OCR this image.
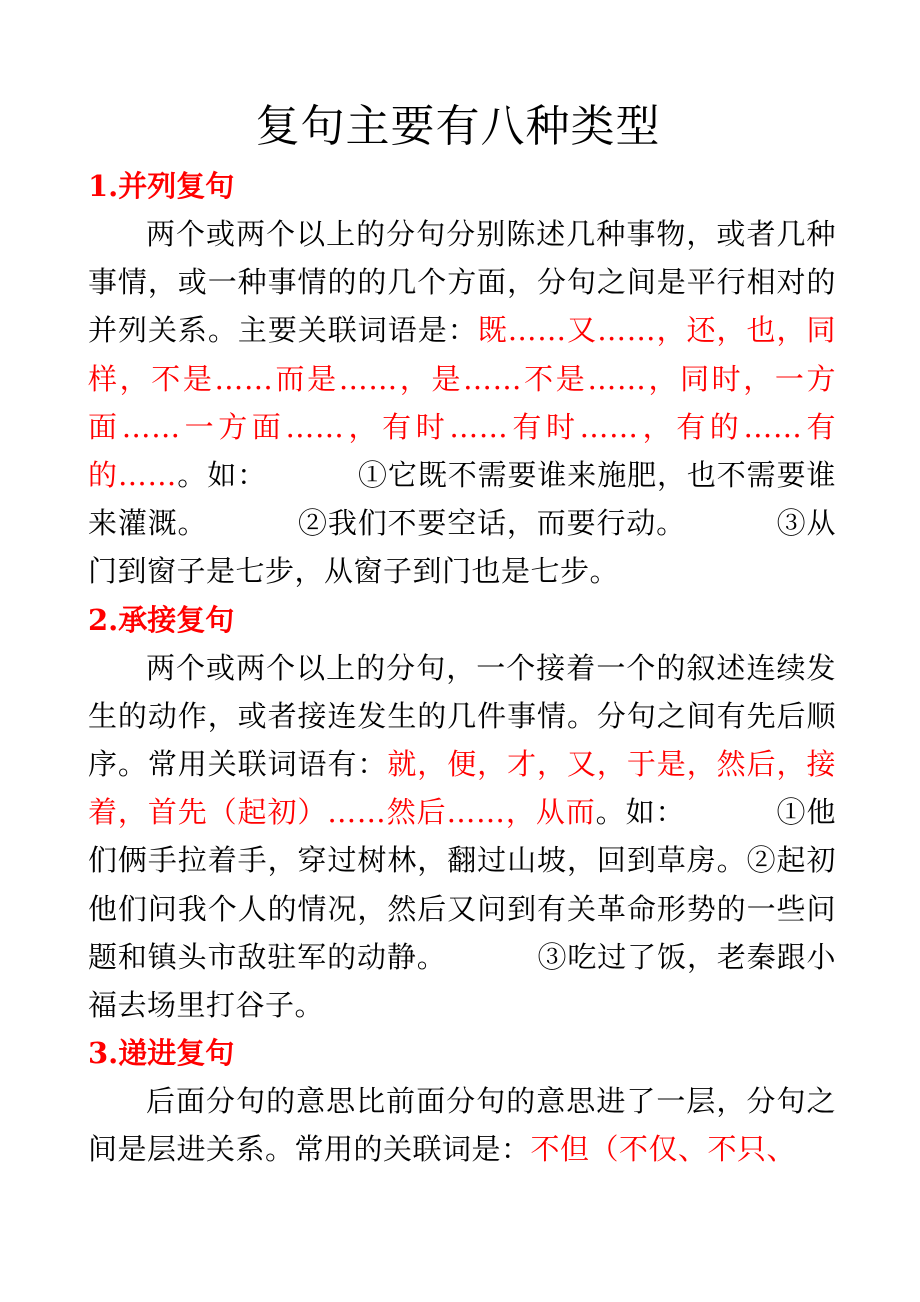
复句主要有八种类型

1.并列复句

两个或两个以上的分句分别陈述几种事物，或者几种事情，或一种事情的的几个方面，分句之间是平行相对的并列关系。主要关联词语是：既……又……，还，也，同样，不是……而是……，是……不是……，同时，一方面……一方面……，有时……有时……，有的……有的……。如：	①它既不需要谁来施肥，也不需要谁来灌溉。	②我们不要空话，而要行动。	③从门到窗子是七步，从窗子到门也是七步。

2.承接复句

两个或两个以上的分句，一个接着一个的叙述连续发生的动作，或者接连发生的几件事情。分句之间有先后顺序。常用关联词语有：就，便，才，又，于是，然后，接着，首先（起初）……然后……，从而。如：	①他们俩手拉着手，穿过树林，翻过山坡，回到草房。②起初他们问我个人的情况，然后又问到有关革命形势的一些问题和镇头市敌驻军的动静。	③吃过了饭，老秦跟小福去场里打谷子。

3.递进复句

后面分句的意思比前面分句的意思进了一层，分句之间是层进关系。常用的关联词是：不但（不仅、不只、
